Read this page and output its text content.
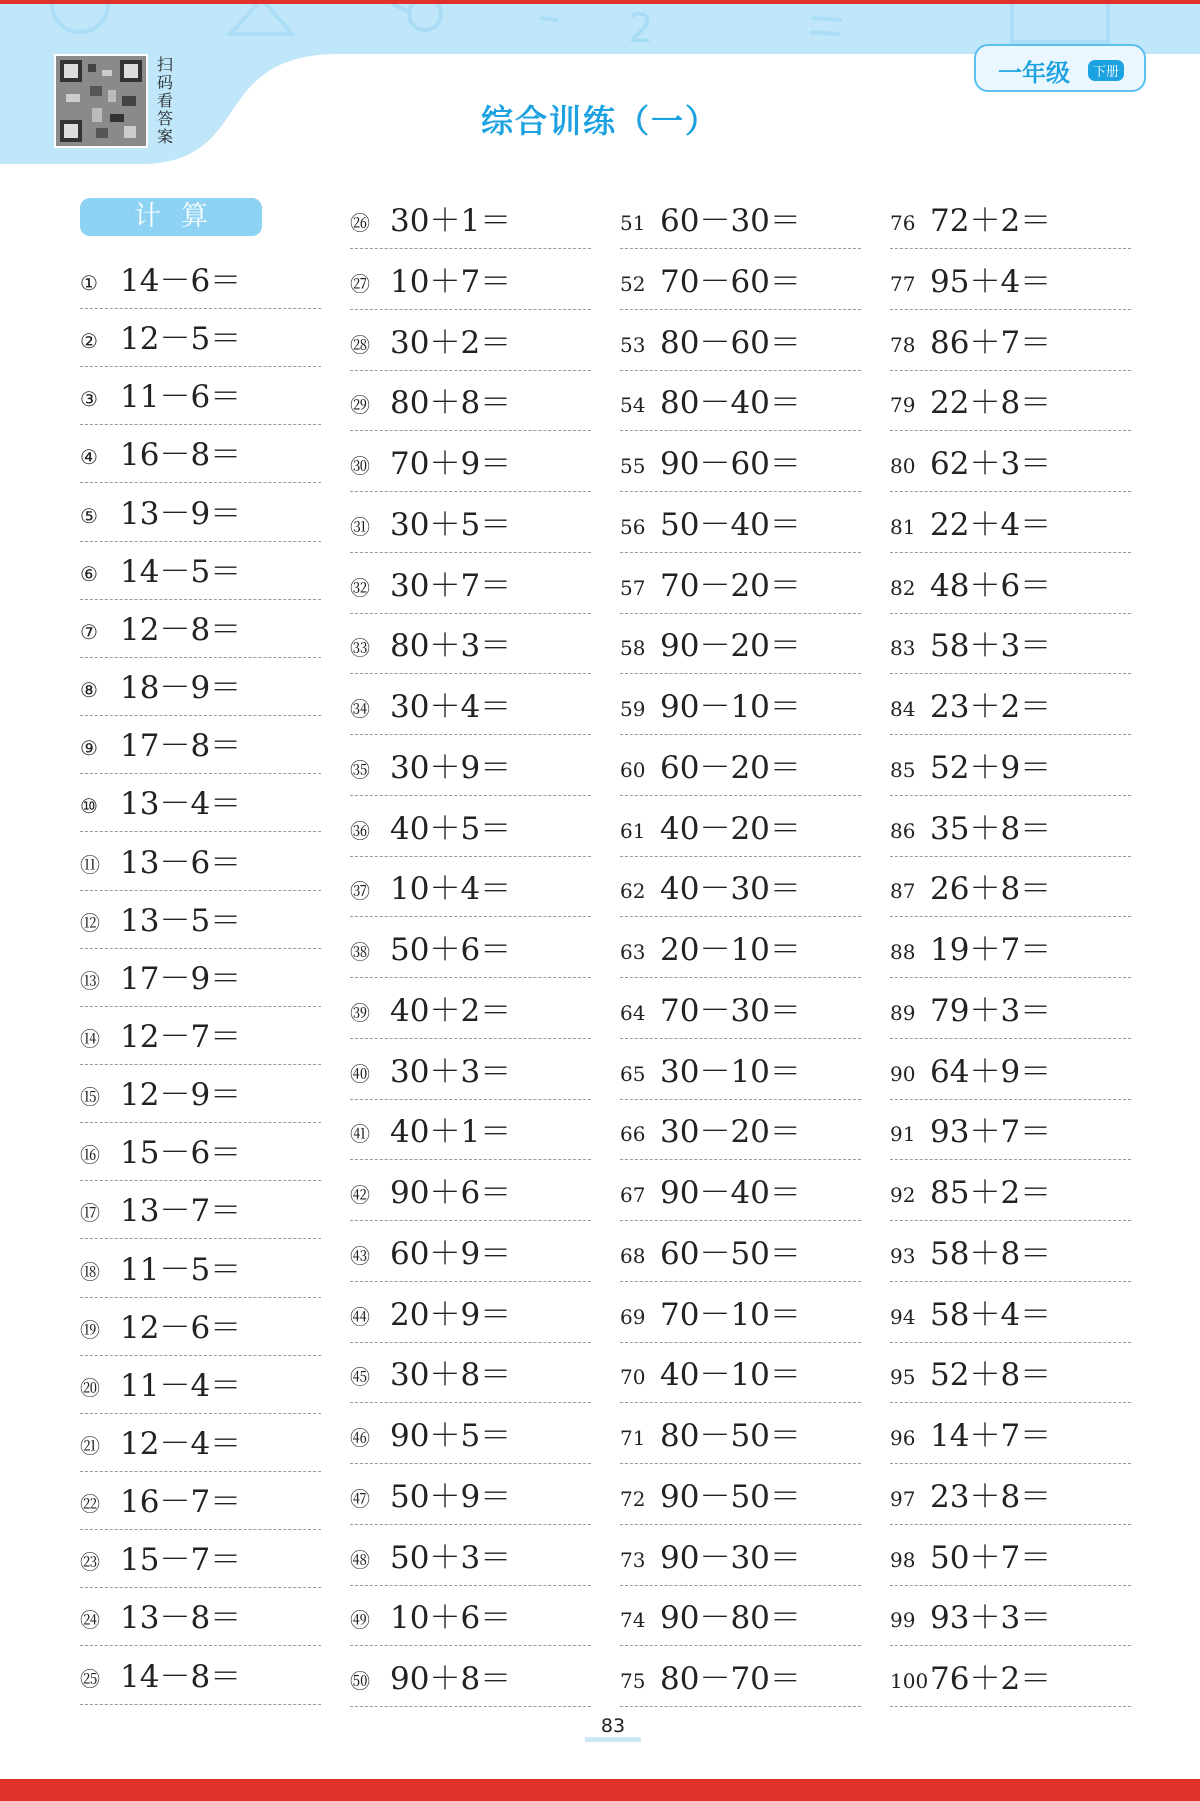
2
扫
码
看
答
案	综合训练（一）
一年级	下册
计算
① 14－6＝
② 12－5＝
③ 11－6＝
④ 16－8＝
⑤ 13－9＝
⑥ 14－5＝
⑦ 12－8＝
⑧ 18－9＝
⑨ 17－8＝
⑩ 13－4＝
⑪ 13－6＝
⑫ 13－5＝
⑬ 17－9＝
⑭ 12－7＝
⑮ 12－9＝
⑯ 15－6＝
⑰ 13－7＝
⑱ 11－5＝
⑲ 12－6＝
⑳ 11－4＝
㉑ 12－4＝
㉒ 16－7＝
㉓ 15－7＝
㉔ 13－8＝
㉕ 14－8＝
㉖ 30＋1＝
㉗ 10＋7＝
㉘ 30＋2＝
㉙ 80＋8＝
㉚ 70＋9＝
㉛ 30＋5＝
㉜ 30＋7＝
㉝ 80＋3＝
㉞ 30＋4＝
㉟ 30＋9＝
㊱ 40＋5＝
㊲ 10＋4＝
㊳ 50＋6＝
㊴ 40＋2＝
㊵ 30＋3＝
㊶ 40＋1＝
㊷ 90＋6＝
㊸ 60＋9＝
㊹ 20＋9＝
㊺ 30＋8＝
㊻ 90＋5＝
㊼ 50＋9＝
㊽ 50＋3＝
㊾ 10＋6＝
㊿ 90＋8＝
51 60－30＝
52 70－60＝
53 80－60＝
54 80－40＝
55 90－60＝
56 50－40＝
57 70－20＝
58 90－20＝
59 90－10＝
60 60－20＝
61 40－20＝
62 40－30＝
63 20－10＝
64 70－30＝
65 30－10＝
66 30－20＝
67 90－40＝
68 60－50＝
69 70－10＝
70 40－10＝
71 80－50＝
72 90－50＝
73 90－30＝
74 90－80＝
75 80－70＝
76 72＋2＝
77 95＋4＝
78 86＋7＝
79 22＋8＝
80 62＋3＝
81 22＋4＝
82 48＋6＝
83 58＋3＝
84 23＋2＝
85 52＋9＝
86 35＋8＝
87 26＋8＝
88 19＋7＝
89 79＋3＝
90 64＋9＝
91 93＋7＝
92 85＋2＝
93 58＋8＝
94 58＋4＝
95 52＋8＝
96 14＋7＝
97 23＋8＝
98 50＋7＝
99 93＋3＝
100 76＋2＝
83
